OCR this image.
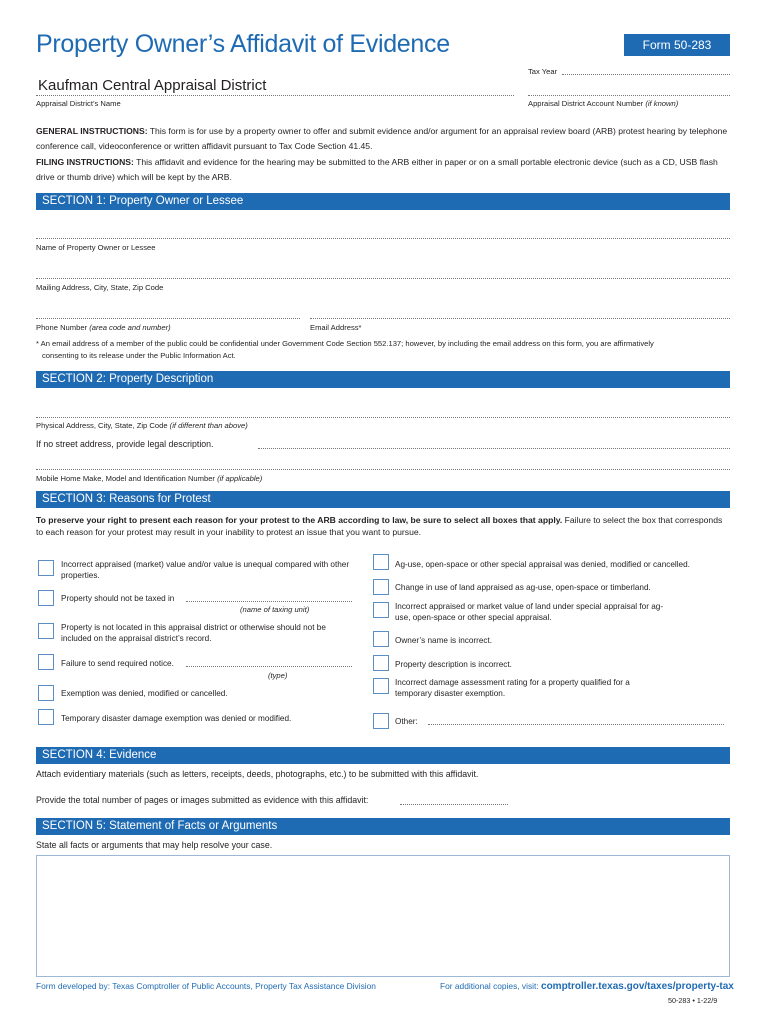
Property Owner’s Affidavit of Evidence	Form 50-283
Tax Year
Kaufman Central Appraisal District
Appraisal District’s Name	Appraisal District Account Number (if known)
GENERAL INSTRUCTIONS: This form is for use by a property owner to offer and submit evidence and/or argument for an appraisal review board (ARB) protest hearing by telephone conference call, videoconference or written affidavit pursuant to Tax Code Section 41.45.
FILING INSTRUCTIONS: This affidavit and evidence for the hearing may be submitted to the ARB either in paper or on a small portable electronic device (such as a CD, USB flash drive or thumb drive) which will be kept by the ARB.
SECTION 1: Property Owner or Lessee
Name of Property Owner or Lessee
Mailing Address, City, State, Zip Code
Phone Number (area code and number)	Email Address*
* An email address of a member of the public could be confidential under Government Code Section 552.137; however, by including the email address on this form, you are affirmatively
consenting to its release under the Public Information Act.
SECTION 2: Property Description
Physical Address, City, State, Zip Code (if different than above)
If no street address, provide legal description.
Mobile Home Make, Model and Identification Number (if applicable)
SECTION 3: Reasons for Protest
To preserve your right to present each reason for your protest to the ARB according to law, be sure to select all boxes that apply. Failure to select the box that corresponds to each reason for your protest may result in your inability to protest an issue that you want to pursue.
Incorrect appraised (market) value and/or value is unequal compared with other properties.
Property should not be taxed in
(name of taxing unit)
Property is not located in this appraisal district or otherwise should not be included on the appraisal district’s record.
Failure to send required notice.
(type)
Exemption was denied, modified or cancelled.
Temporary disaster damage exemption was denied or modified.
Ag-use, open-space or other special appraisal was denied, modified or cancelled.
Change in use of land appraised as ag-use, open-space or timberland.
Incorrect appraised or market value of land under special appraisal for ag-use, open-space or other special appraisal.
Owner’s name is incorrect.
Property description is incorrect.
Incorrect damage assessment rating for a property qualified for a temporary disaster exemption.
Other:
SECTION 4: Evidence
Attach evidentiary materials (such as letters, receipts, deeds, photographs, etc.) to be submitted with this affidavit.
Provide the total number of pages or images submitted as evidence with this affidavit:
SECTION 5: Statement of Facts or Arguments
State all facts or arguments that may help resolve your case.
Form developed by: Texas Comptroller of Public Accounts, Property Tax Assistance Division	For additional copies, visit: comptroller.texas.gov/taxes/property-tax
50-283 • 1-22/9
